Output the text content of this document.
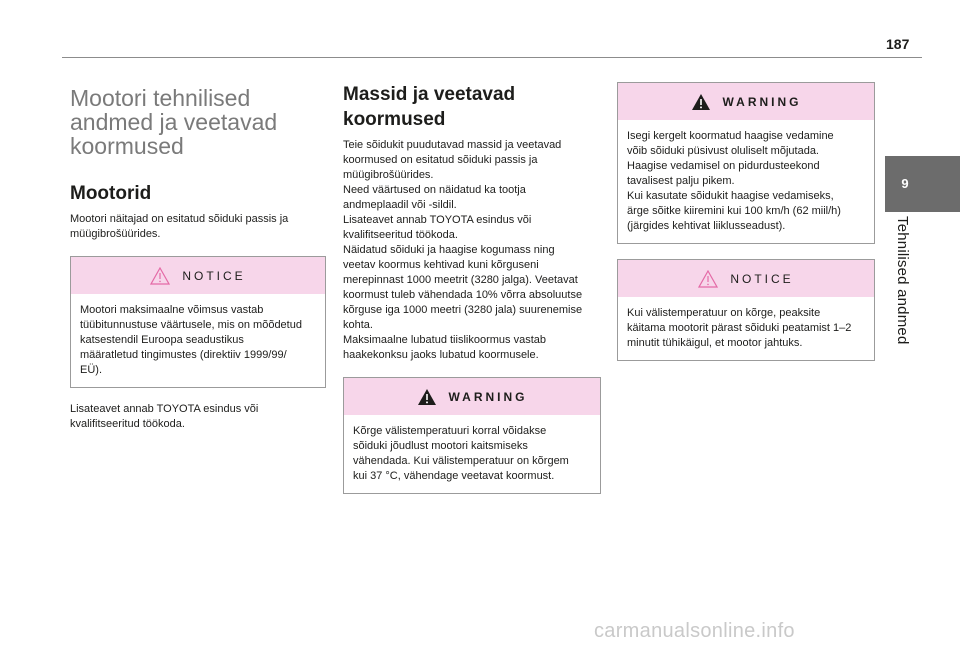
187
9
Tehnilised andmed
Mootori tehnilised
andmed ja veetavad
koormused
Mootorid
Mootori näitajad on esitatud sõiduki passis ja
müügibrošüürides.
NOTICE
Mootori maksimaalne võimsus vastab
tüübitunnustuse väärtusele, mis on mõõdetud
katsestendil Euroopa seadustikus
määratletud tingimustes (direktiiv 1999/99/
EÜ).
Lisateavet annab TOYOTA esindus või
kvalifitseeritud töökoda.
Massid ja veetavad
koormused
Teie sõidukit puudutavad massid ja veetavad
koormused on esitatud sõiduki passis ja
müügibrošüürides.
Need väärtused on näidatud ka tootja
andmeplaadil või -sildil.
Lisateavet annab TOYOTA esindus või
kvalifitseeritud töökoda.
Näidatud sõiduki ja haagise kogumass ning
veetav koormus kehtivad kuni kõrguseni
merepinnast 1000 meetrit (3280 jalga). Veetavat
koormust tuleb vähendada 10% võrra absoluutse
kõrguse iga 1000 meetri (3280 jala) suurenemise
kohta.
Maksimaalne lubatud tiislikoormus vastab
haakekonksu jaoks lubatud koormusele.
WARNING
Kõrge välistemperatuuri korral võidakse
sõiduki jõudlust mootori kaitsmiseks
vähendada. Kui välistemperatuur on kõrgem
kui 37 °C, vähendage veetavat koormust.
WARNING
Isegi kergelt koormatud haagise vedamine
võib sõiduki püsivust oluliselt mõjutada.
Haagise vedamisel on pidurdusteekond
tavalisest palju pikem.
Kui kasutate sõidukit haagise vedamiseks,
ärge sõitke kiiremini kui 100 km/h (62 miil/h)
(järgides kehtivat liiklusseadust).
NOTICE
Kui välistemperatuur on kõrge, peaksite
käitama mootorit pärast sõiduki peatamist 1–2
minutit tühikäigul, et mootor jahtuks.
carmanualsonline.info
